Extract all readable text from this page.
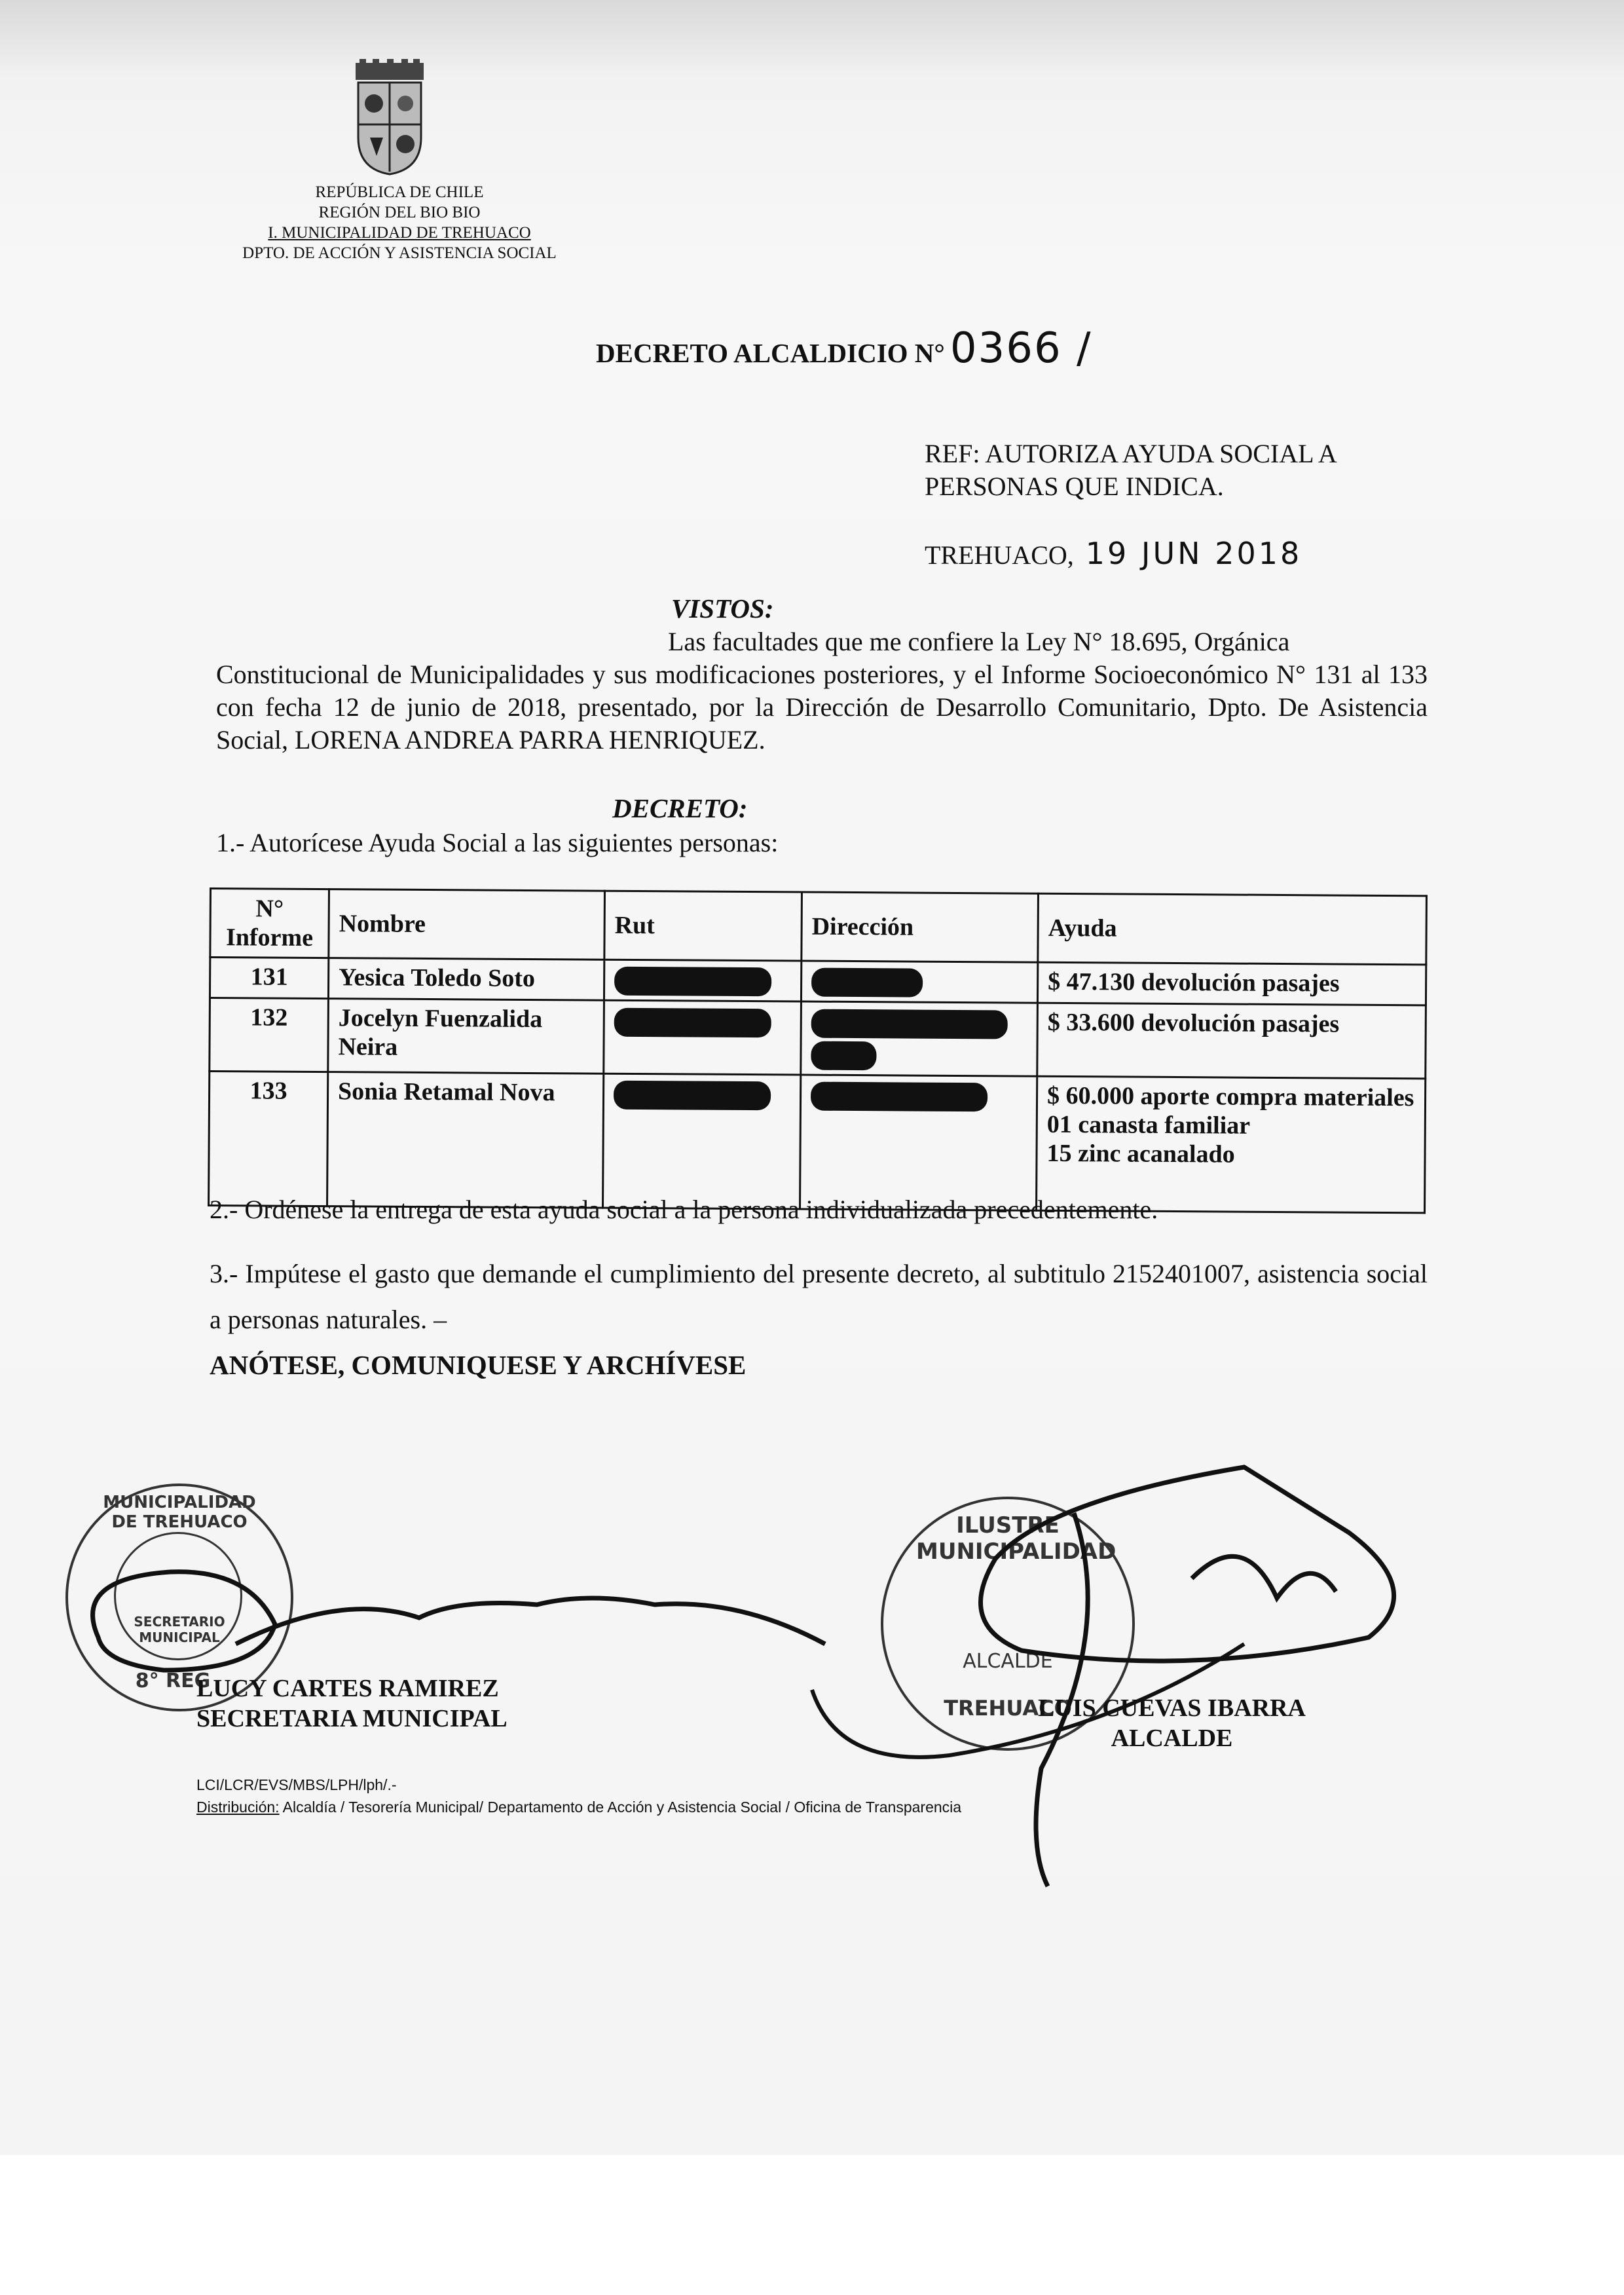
REPÚBLICA DE CHILE
REGIÓN DEL BIO BIO
I. MUNICIPALIDAD DE TREHUACO
DPTO. DE ACCIÓN Y ASISTENCIA SOCIAL
DECRETO ALCALDICIO N° 0366 /
REF: AUTORIZA AYUDA SOCIAL A
PERSONAS QUE INDICA.
TREHUACO, 19 JUN 2018
VISTOS:
Las facultades que me confiere la Ley N° 18.695, Orgánica
Constitucional de Municipalidades y sus modificaciones posteriores, y el Informe Socioeconómico N° 131 al 133 con fecha 12 de junio de 2018, presentado, por la Dirección de Desarrollo Comunitario, Dpto. De Asistencia Social, LORENA ANDREA PARRA HENRIQUEZ.
DECRETO:
1.- Autorícese Ayuda Social a las siguientes personas:
N° Informe	Nombre	Rut	Dirección	Ayuda
131	Yesica Toledo Soto			$ 47.130 devolución pasajes
132	Jocelyn Fuenzalida Neira			$ 33.600 devolución pasajes
133	Sonia Retamal Nova			$ 60.000 aporte compra materiales
01 canasta familiar
15 zinc acanalado
2.- Ordénese la entrega de esta ayuda social a la persona individualizada precedentemente.
3.- Impútese el gasto que demande el cumplimiento del presente decreto, al subtitulo 2152401007, asistencia social a personas naturales. –
ANÓTESE, COMUNIQUESE Y ARCHÍVESE
MUNICIPALIDAD DE TREHUACO
SECRETARIO MUNICIPAL
8° REG
ILUSTRE MUNICIPALIDAD
ALCALDE
TREHUACO
LUCY CARTES RAMIREZ
SECRETARIA MUNICIPAL	LUIS CUEVAS IBARRA
ALCALDE
LCI/LCR/EVS/MBS/LPH/lph/.-
Distribución: Alcaldía / Tesorería Municipal/ Departamento de Acción y Asistencia Social / Oficina de Transparencia
